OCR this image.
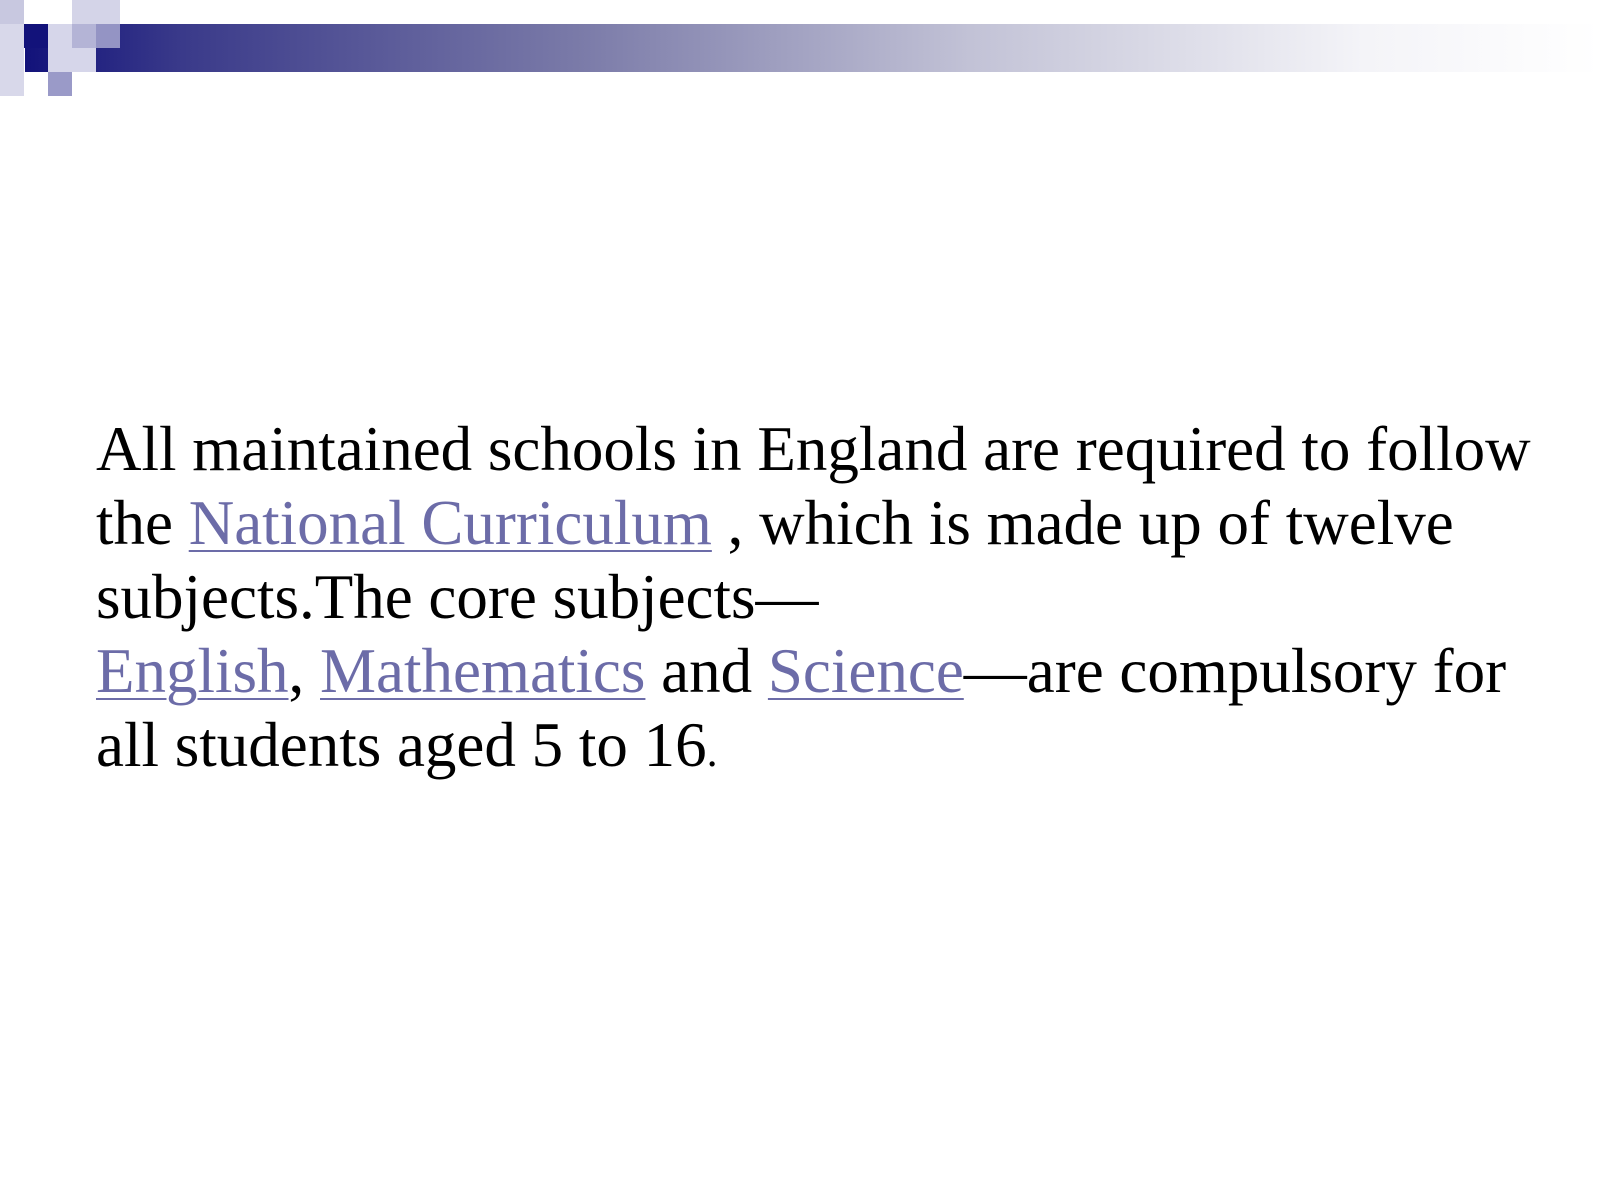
All maintained schools in England are required to follow the National Curriculum , which is made up of twelve subjects.The core subjects—
English, Mathematics and Science—are compulsory for all students aged 5 to 16.
